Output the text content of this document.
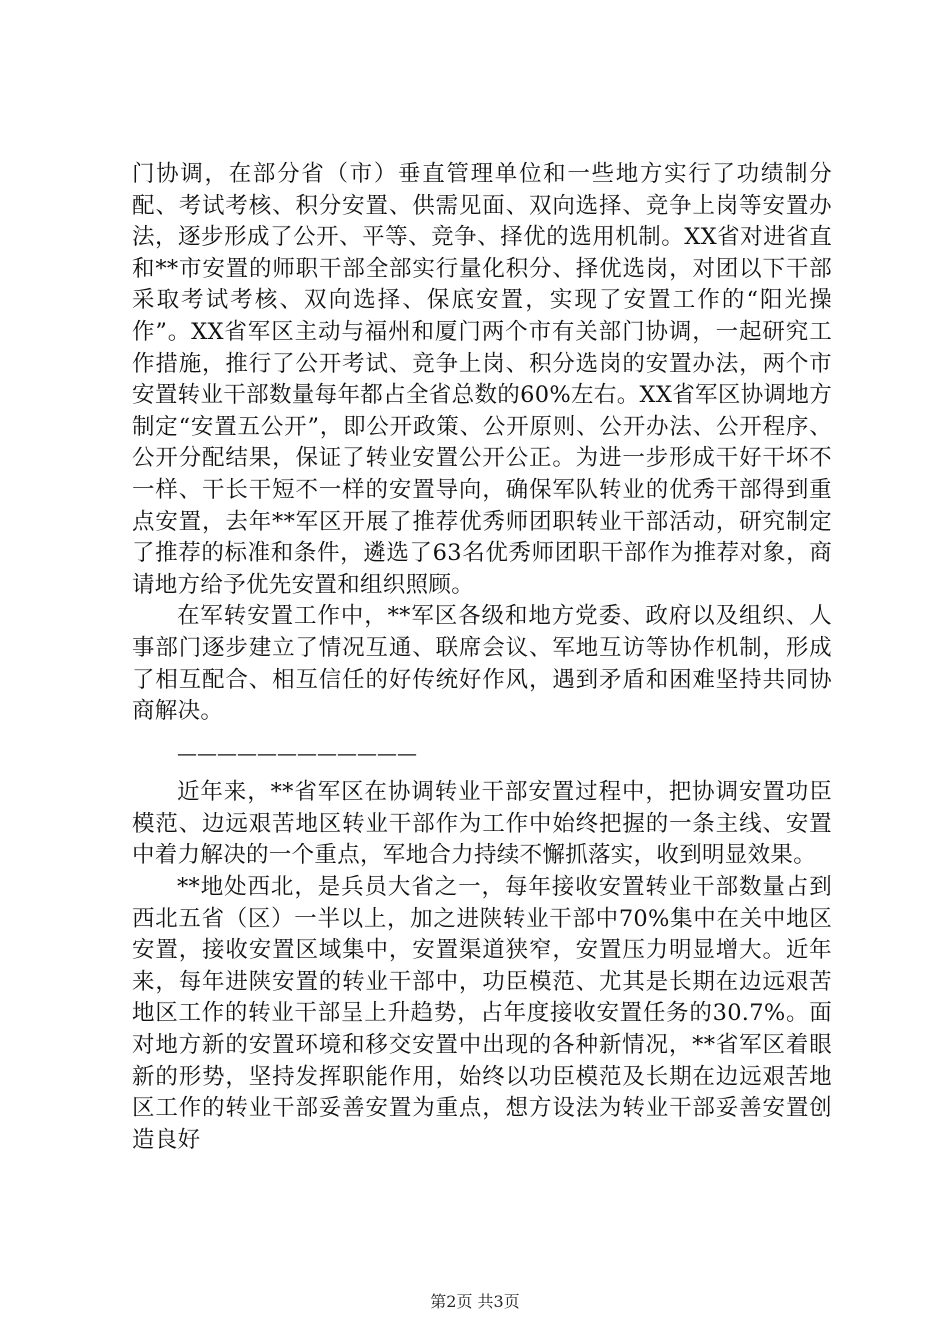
门协调，在部分省（市）垂直管理单位和一些地方实行了功绩制分配、考试考核、积分安置、供需见面、双向选择、竞争上岗等安置办法，逐步形成了公开、平等、竞争、择优的选用机制。XX省对进省直和**市安置的师职干部全部实行量化积分、择优选岗，对团以下干部采取考试考核、双向选择、保底安置，实现了安置工作的“阳光操作”。XX省军区主动与福州和厦门两个市有关部门协调，一起研究工作措施，推行了公开考试、竞争上岗、积分选岗的安置办法，两个市安置转业干部数量每年都占全省总数的60%左右。XX省军区协调地方制定“安置五公开”，即公开政策、公开原则、公开办法、公开程序、公开分配结果，保证了转业安置公开公正。为进一步形成干好干坏不一样、干长干短不一样的安置导向，确保军队转业的优秀干部得到重点安置，去年**军区开展了推荐优秀师团职转业干部活动，研究制定了推荐的标准和条件，遴选了63名优秀师团职干部作为推荐对象，商请地方给予优先安置和组织照顾。

在军转安置工作中，**军区各级和地方党委、政府以及组织、人事部门逐步建立了情况互通、联席会议、军地互访等协作机制，形成了相互配合、相互信任的好传统好作风，遇到矛盾和困难坚持共同协商解决。

————————————

近年来，**省军区在协调转业干部安置过程中，把协调安置功臣模范、边远艰苦地区转业干部作为工作中始终把握的一条主线、安置中着力解决的一个重点，军地合力持续不懈抓落实，收到明显效果。

**地处西北，是兵员大省之一，每年接收安置转业干部数量占到西北五省（区）一半以上，加之进陕转业干部中70%集中在关中地区安置，接收安置区域集中，安置渠道狭窄，安置压力明显增大。近年来，每年进陕安置的转业干部中，功臣模范、尤其是长期在边远艰苦地区工作的转业干部呈上升趋势，占年度接收安置任务的30.7%。面对地方新的安置环境和移交安置中出现的各种新情况，**省军区着眼新的形势，坚持发挥职能作用，始终以功臣模范及长期在边远艰苦地区工作的转业干部妥善安置为重点，想方设法为转业干部妥善安置创造良好

第2页 共3页
